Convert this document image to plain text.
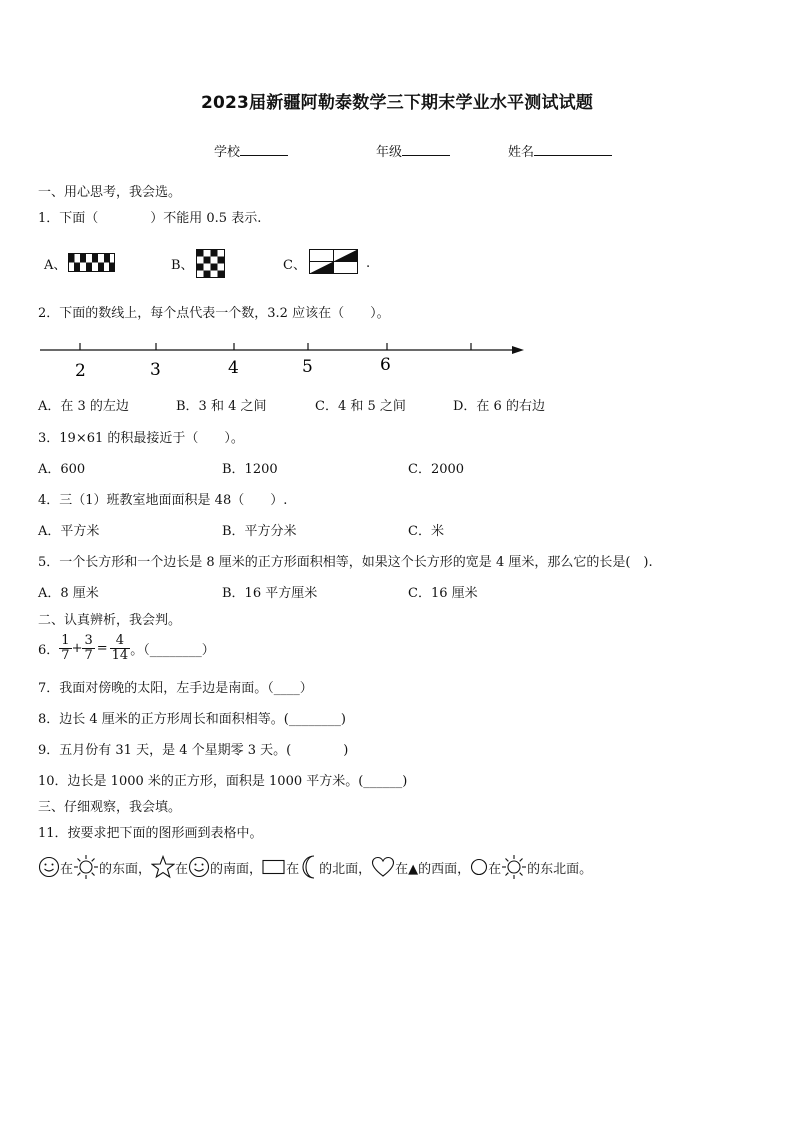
2023届新疆阿勒泰数学三下期末学业水平测试试题
学校	年级	姓名
一、用心思考，我会选。
1．下面（　　　　）不能用 0.5 表示.
A、	B、	C、	.
2．下面的数线上，每个点代表一个数，3.2 应该在（　　）。
2	3	4	5	6
A．在 3 的左边	B．3 和 4 之间	C．4 和 5 之间	D．在 6 的右边
3．19×61 的积最接近于（　　）。
A．600	B．1200	C．2000
4．三（1）班教室地面面积是 48（　　）.
A．平方米	B．平方分米	C．米
5．一个长方形和一个边长是 8 厘米的正方形面积相等，如果这个长方形的宽是 4 厘米，那么它的长是(　).
A．8 厘米	B．16 平方厘米	C．16 厘米
二、认真辨析，我会判。
6． $\frac{1}{7} + \frac{3}{7} = \frac{4}{14}$ 。（________）
7．我面对傍晚的太阳，左手边是南面。（____）
8．边长 4 厘米的正方形周长和面积相等。(________)
9．五月份有 31 天，是 4 个星期零 3 天。(　　　　)
10．边长是 1000 米的正方形，面积是 1000 平方米。(______)
三、仔细观察，我会填。
11．按要求把下面的图形画到表格中。
在 的东面， 在 的南面， 在 的北面， 在▲的西面， 在 的东北面。
